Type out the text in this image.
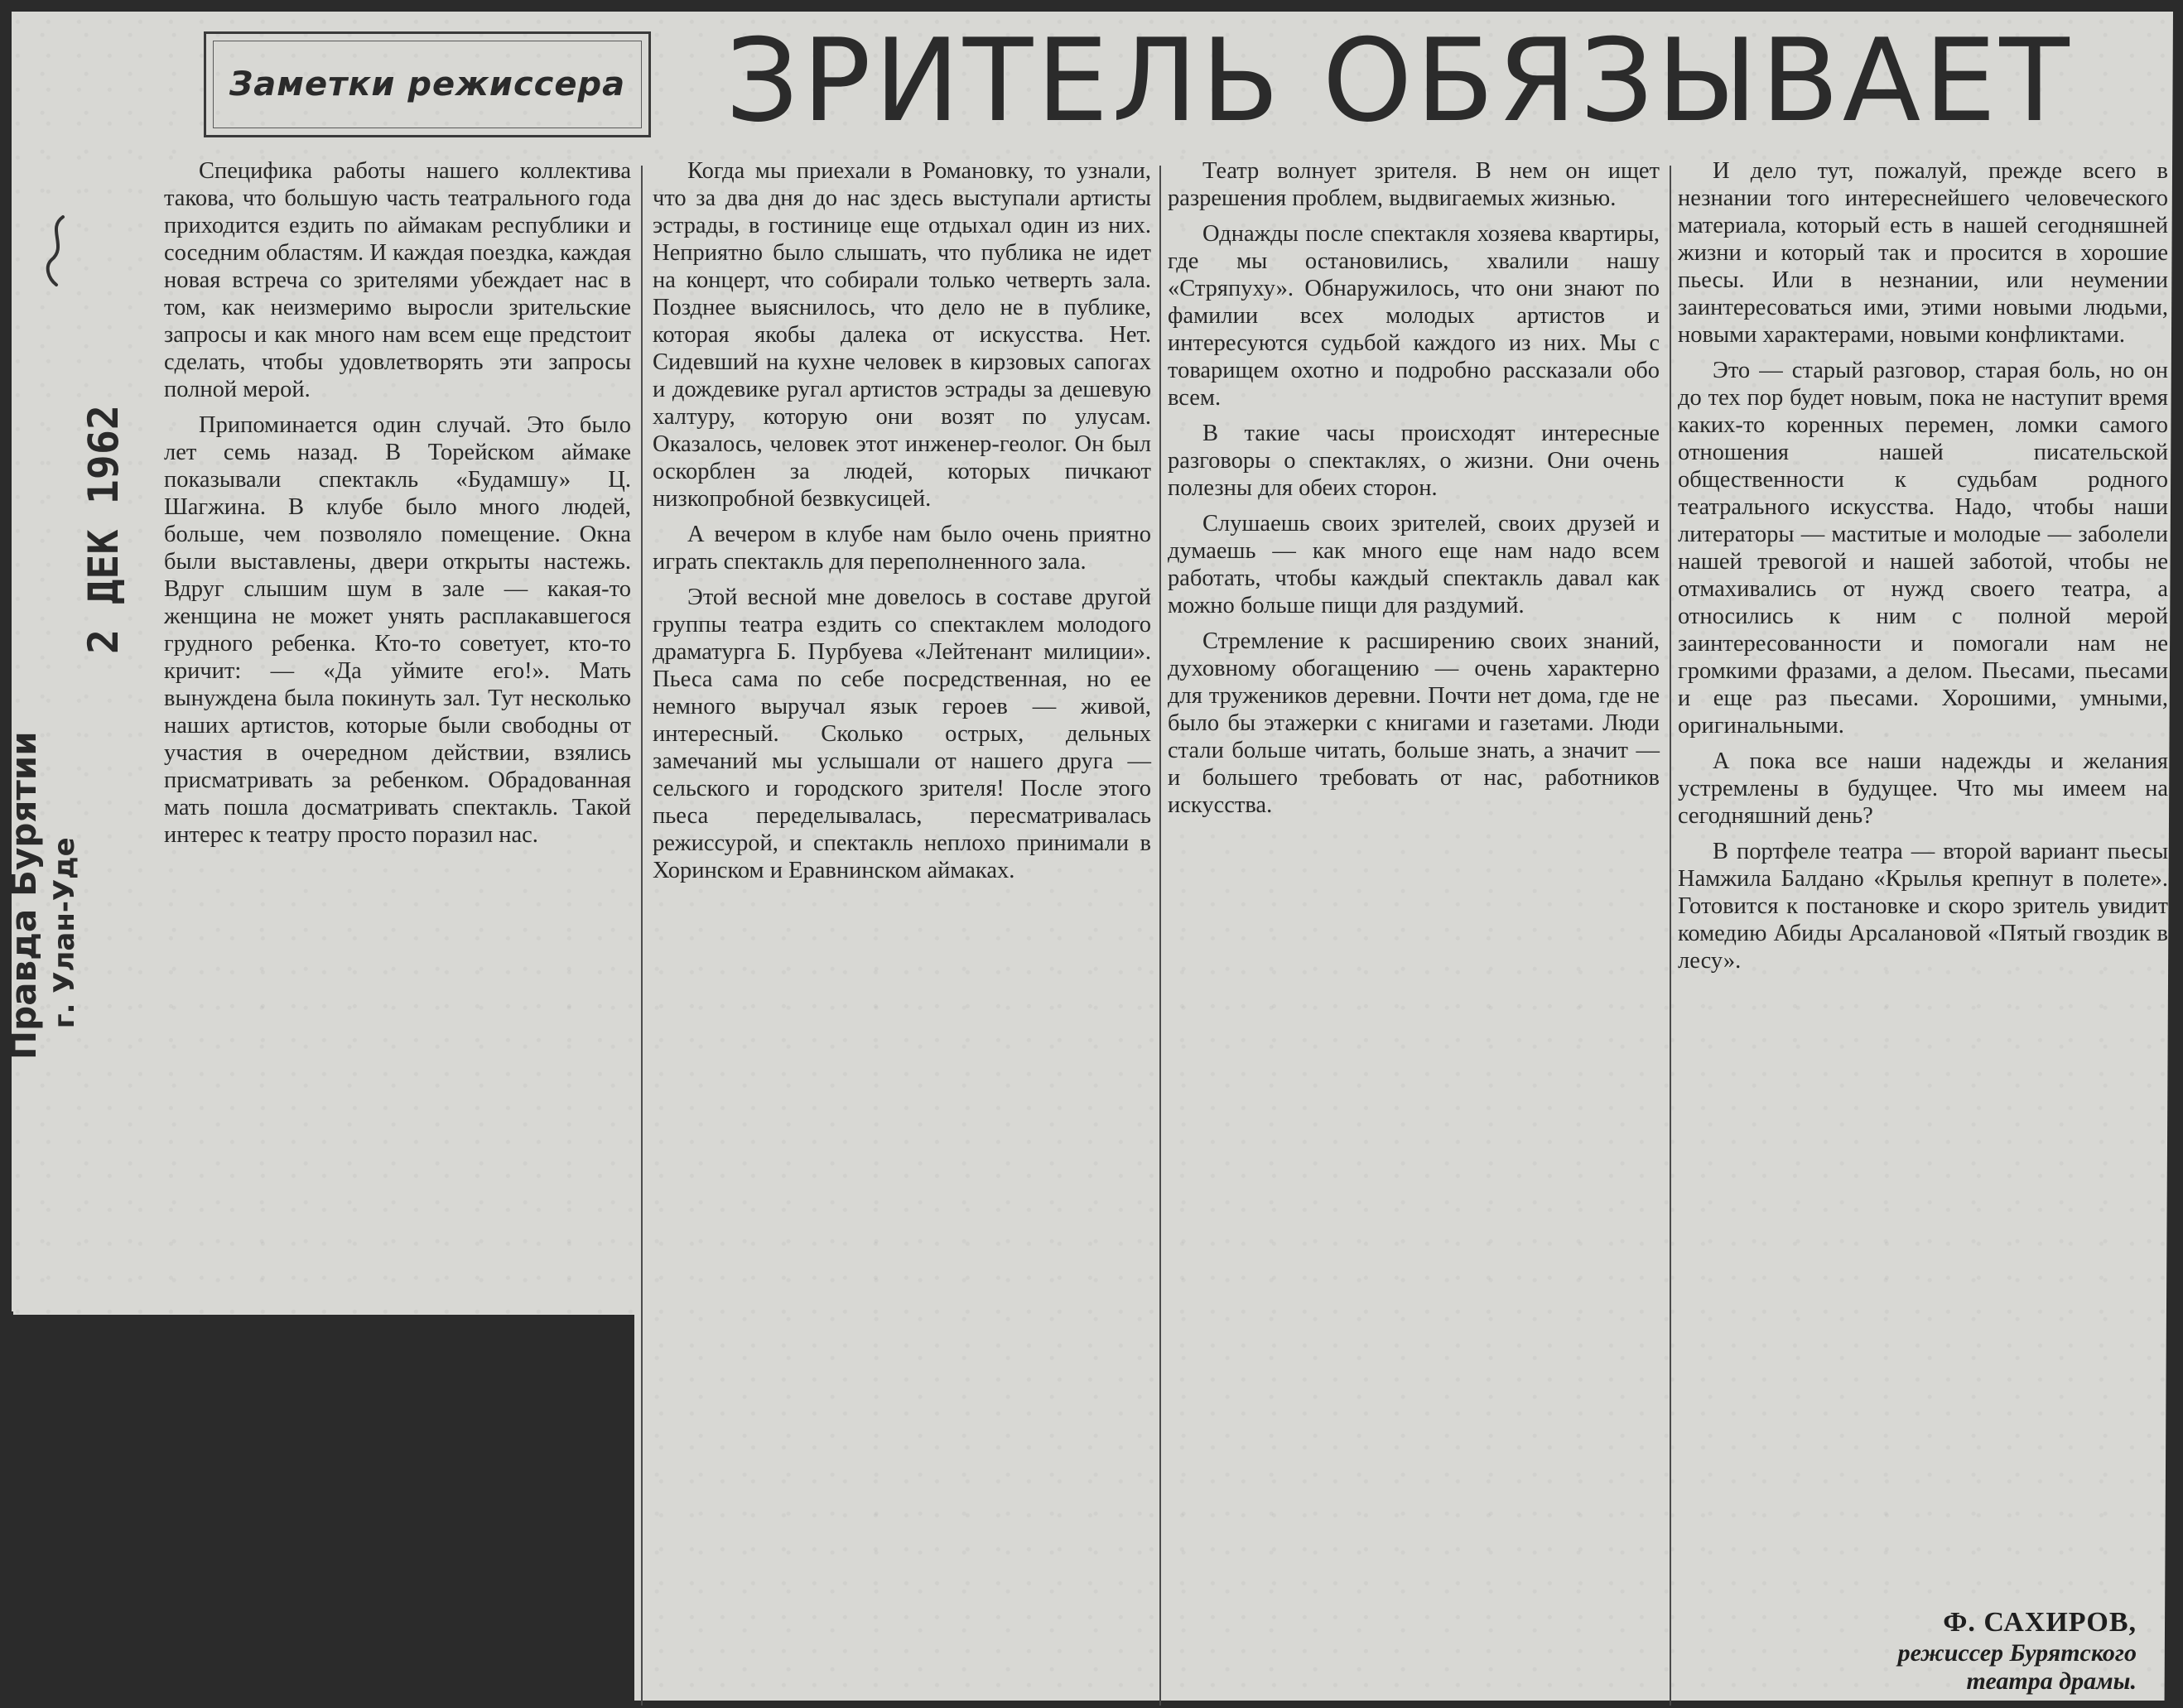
Заметки режиссера ЗРИТЕЛЬ ОБЯЗЫВАЕТ
Правда Бурятии г. Улан-Уде
2 ДЕК 1962

Специфика работы нашего коллектива такова, что большую часть театрального года приходится ездить по аймакам республики и соседним областям. И каждая поездка, каждая новая встреча со зрителями убеждает нас в том, как неизмеримо выросли зрительские запросы и как много нам всем еще предстоит сделать, чтобы удовлетворять эти запросы полной мерой.

Припоминается один случай. Это было лет семь назад. В Торейском аймаке показывали спектакль «Будамшу» Ц. Шагжина. В клубе было много людей, больше, чем позволяло помещение. Окна были выставлены, двери открыты настежь. Вдруг слышим шум в зале — какая-то женщина не может унять расплакавшегося грудного ребенка. Кто-то советует, кто-то кричит: — «Да уймите его!». Мать вынуждена была покинуть зал. Тут несколько наших артистов, которые были свободны от участия в очередном действии, взялись присматривать за ребенком. Обрадованная мать пошла досматривать спектакль. Такой интерес к театру просто поразил нас.

Когда мы приехали в Романовку, то узнали, что за два дня до нас здесь выступали артисты эстрады, в гостинице еще отдыхал один из них. Неприятно было слышать, что публика не идет на концерт, что собирали только четверть зала. Позднее выяснилось, что дело не в публике, которая якобы далека от искусства. Нет. Сидевший на кухне человек в кирзовых сапогах и дождевике ругал артистов эстрады за дешевую халтуру, которую они возят по улусам. Оказалось, человек этот инженер-геолог. Он был оскорблен за людей, которых пичкают низкопробной безвкусицей.

А вечером в клубе нам было очень приятно играть спектакль для переполненного зала.

Этой весной мне довелось в составе другой группы театра ездить со спектаклем молодого драматурга Б. Пурбуева «Лейтенант милиции». Пьеса сама по себе посредственная, но ее немного выручал язык героев — живой, интересный. Сколько острых, дельных замечаний мы услышали от нашего друга — сельского и городского зрителя! После этого пьеса переделывалась, пересматривалась режиссурой, и спектакль неплохо принимали в Хоринском и Еравнинском аймаках.

Театр волнует зрителя. В нем он ищет разрешения проблем, выдвигаемых жизнью.

Однажды после спектакля хозяева квартиры, где мы остановились, хвалили нашу «Стряпуху». Обнаружилось, что они знают по фамилии всех молодых артистов и интересуются судьбой каждого из них. Мы с товарищем охотно и подробно рассказали обо всем.

В такие часы происходят интересные разговоры о спектаклях, о жизни. Они очень полезны для обеих сторон.

Слушаешь своих зрителей, своих друзей и думаешь — как много еще нам надо всем работать, чтобы каждый спектакль давал как можно больше пищи для раздумий.

Стремление к расширению своих знаний, духовному обогащению — очень характерно для тружеников деревни. Почти нет дома, где не было бы этажерки с книгами и газетами. Люди стали больше читать, больше знать, а значит — и большего требовать от нас, работников искусства.

И дело тут, пожалуй, прежде всего в незнании того интереснейшего человеческого материала, который есть в нашей сегодняшней жизни и который так и просится в хорошие пьесы. Или в незнании, или неумении заинтересоваться ими, этими новыми людьми, новыми характерами, новыми конфликтами.

Это — старый разговор, старая боль, но он до тех пор будет новым, пока не наступит время каких-то коренных перемен, ломки самого отношения нашей писательской общественности к судьбам родного театрального искусства. Надо, чтобы наши литераторы — маститые и молодые — заболели нашей тревогой и нашей заботой, чтобы не отмахивались от нужд своего театра, а относились к ним с полной мерой заинтересованности и помогали нам не громкими фразами, а делом. Пьесами, пьесами и еще раз пьесами. Хорошими, умными, оригинальными.

А пока все наши надежды и желания устремлены в будущее. Что мы имеем на сегодняшний день?

В портфеле театра — второй вариант пьесы Намжила Балдано «Крылья крепнут в полете». Готовится к постановке и скоро зритель увидит комедию Абиды Арсалановой «Пятый гвоздик в лесу».

Ф. САХИРОВ,
режиссер Бурятского
театра драмы.
